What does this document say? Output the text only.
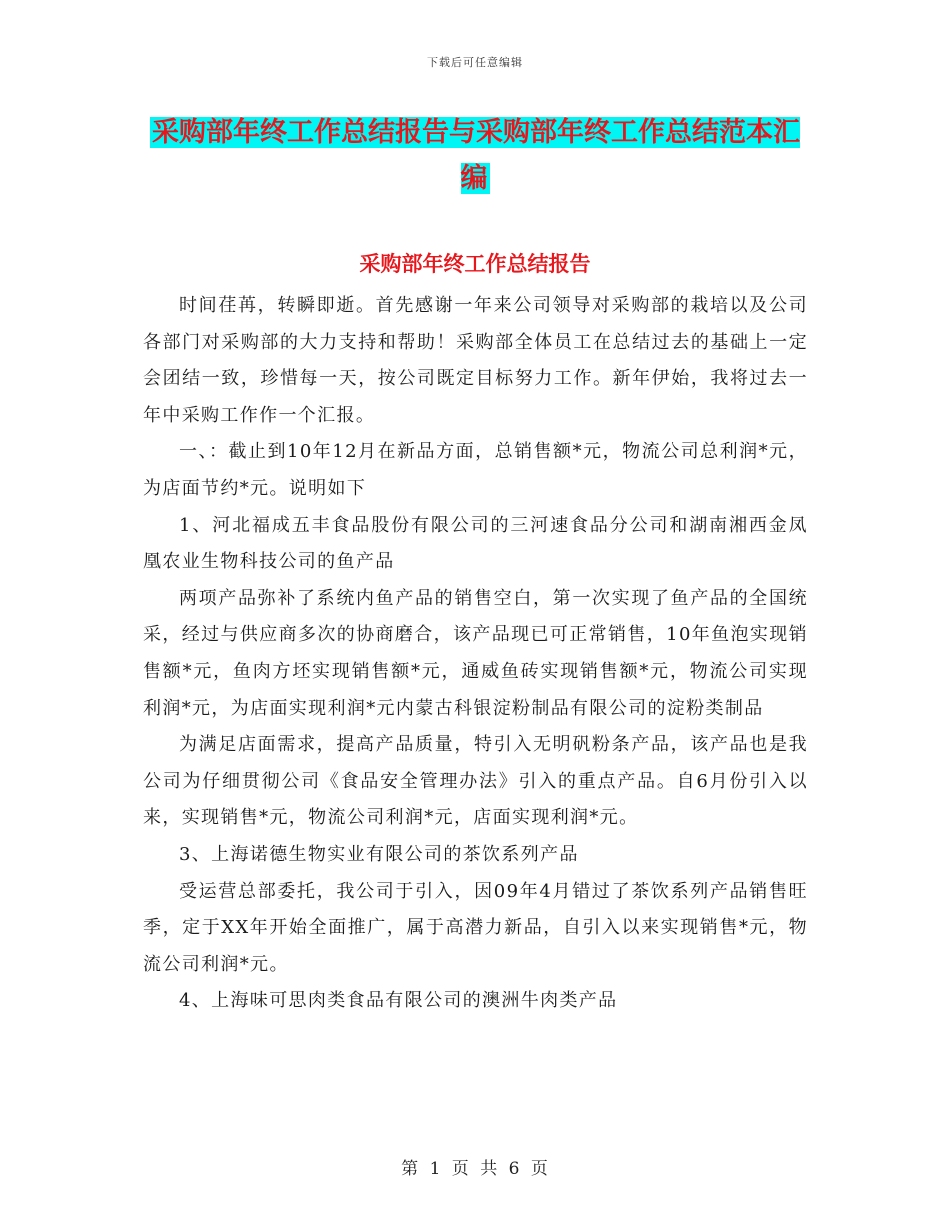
下载后可任意编辑
采购部年终工作总结报告与采购部年终工作总结范本汇编
采购部年终工作总结报告

时间荏苒，转瞬即逝。首先感谢一年来公司领导对采购部的栽培以及公司各部门对采购部的大力支持和帮助！采购部全体员工在总结过去的基础上一定会团结一致，珍惜每一天，按公司既定目标努力工作。新年伊始，我将过去一年中采购工作作一个汇报。

一、：截止到10年12月在新品方面，总销售额*元，物流公司总利润*元，为店面节约*元。说明如下

1、河北福成五丰食品股份有限公司的三河速食品分公司和湖南湘西金凤凰农业生物科技公司的鱼产品

两项产品弥补了系统内鱼产品的销售空白，第一次实现了鱼产品的全国统采，经过与供应商多次的协商磨合，该产品现已可正常销售，10年鱼泡实现销售额*元，鱼肉方坯实现销售额*元，通威鱼砖实现销售额*元，物流公司实现利润*元，为店面实现利润*元内蒙古科银淀粉制品有限公司的淀粉类制品

为满足店面需求，提高产品质量，特引入无明矾粉条产品，该产品也是我公司为仔细贯彻公司《食品安全管理办法》引入的重点产品。自6月份引入以来，实现销售*元，物流公司利润*元，店面实现利润*元。

3、上海诺德生物实业有限公司的茶饮系列产品

受运营总部委托，我公司于引入，因09年4月错过了茶饮系列产品销售旺季，定于XX年开始全面推广，属于高潜力新品，自引入以来实现销售*元，物流公司利润*元。

4、上海味可思肉类食品有限公司的澳洲牛肉类产品

第 1 页 共 6 页
